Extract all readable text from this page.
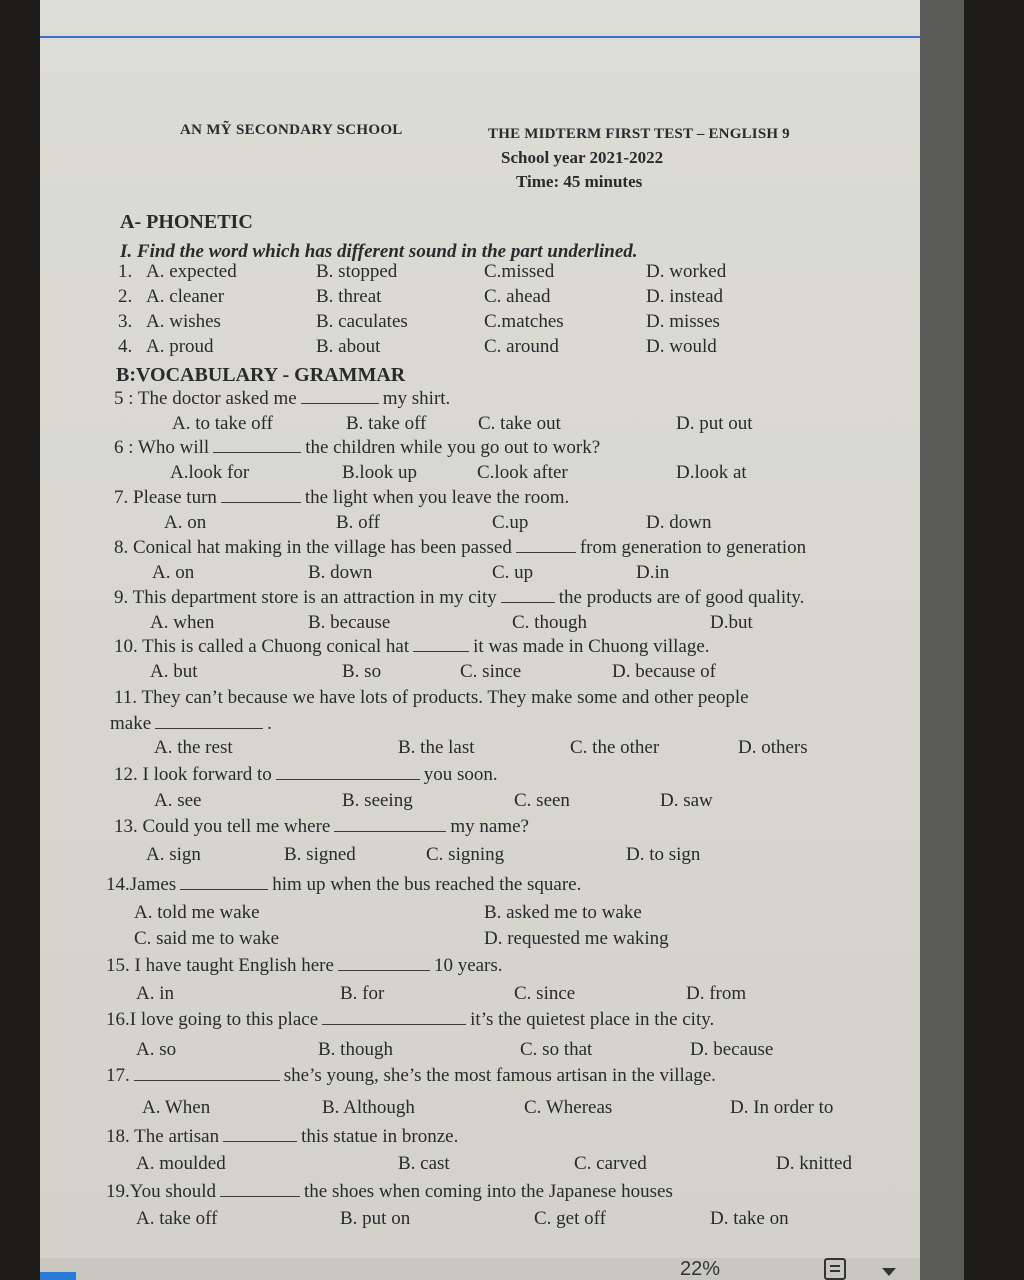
AN MỸ SECONDARY SCHOOL	THE MIDTERM FIRST TEST – ENGLISH 9
School year 2021-2022
Time: 45 minutes
A- PHONETIC
I. Find the word which has different sound in the part underlined.
1. A. expected	B. stopped	C.missed	D. worked
2. A. cleaner	B. threat	C. ahead	D. instead
3. A. wishes	B. caculates	C.matches	D. misses
4. A. proud	B. about	C. around	D. would
B:VOCABULARY - GRAMMAR
5 : The doctor asked me	my shirt.
A. to take off	B. take off	C. take out	D. put out
6 : Who will	the children while you go out to work?
A.look for	B.look up	C.look after	D.look at
7. Please turn	the light when you leave the room.
A. on	B. off	C.up	D. down
8. Conical hat making in the village has been passed	from generation to generation
A. on	B. down	C. up	D.in
9. This department store is an attraction in my city	the products are of good quality.
A. when	B. because	C. though	D.but
10. This is called a Chuong conical hat	it was made in Chuong village.
A. but	B. so	C. since	D. because of
11. They can’t because we have lots of products. They make some and other people
make	.
A. the rest	B. the last	C. the other	D. others
12. I look forward to	you soon.
A. see	B. seeing	C. seen	D. saw
13. Could you tell me where	my name?
A. sign	B. signed	C. signing	D. to sign
14.James	him up when the bus reached the square.
A. told me wake	B. asked me to wake
C. said me to wake	D. requested me waking
15. I have taught English here	10 years.
A. in	B. for	C. since	D. from
16.I love going to this place	it’s the quietest place in the city.
A. so	B. though	C. so that	D. because
17.	she’s young, she’s the most famous artisan in the village.
A. When	B. Although	C. Whereas	D. In order to
18. The artisan	this statue in bronze.
A. moulded	B. cast	C. carved	D. knitted
19.You should	the shoes when coming into the Japanese houses
A. take off	B. put on	C. get off	D. take on
22%
